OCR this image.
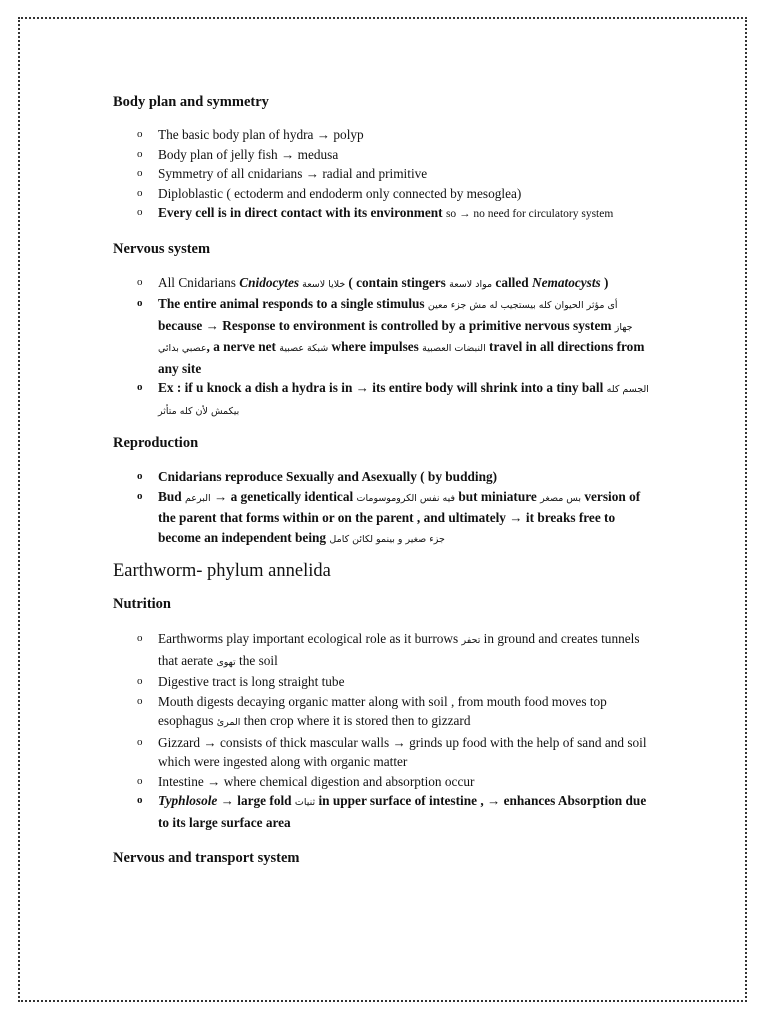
Body plan and symmetry
o The basic body plan of hydra → polyp
o Body plan of jelly fish → medusa
o Symmetry of all cnidarians → radial and primitive
o Diploblastic ( ectoderm and endoderm only connected by mesoglea)
o Every cell is in direct contact with its environment so → no need for circulatory system
Nervous system
o All Cnidarians Cnidocytes خلايا لاسعة ( contain stingers مواد لاسعة called Nematocysts )
o The entire animal responds to a single stimulus أى مؤثر الحيوان كله بيستجيب له مش جزء معين because → Response to environment is controlled by a primitive nervous system جهاز عصبي بدائي, a nerve net شبكة عصبية where impulses النبضات العصبية travel in all directions from any site
o Ex : if u knock a dish a hydra is in → its entire body will shrink into a tiny ball الجسم كله بيكمش لأن كله متأثر
Reproduction
o Cnidarians reproduce Sexually and Asexually ( by budding)
o Bud البرعم → a genetically identical فيه نفس الكروموسومات but miniature بس مصغر version of the parent that forms within or on the parent , and ultimately → it breaks free to become an independent being جزء صغير و بينمو لكائن كامل
Earthworm- phylum annelida
Nutrition
o Earthworms play important ecological role as it burrows تحفر in ground and creates tunnels that aerate تهوى the soil
o Digestive tract is long straight tube
o Mouth digests decaying organic matter along with soil , from mouth food moves top esophagus المرئ then crop where it is stored then to gizzard
o Gizzard → consists of thick mascular walls → grinds up food with the help of sand and soil which were ingested along with organic matter
o Intestine → where chemical digestion and absorption occur
o Typhlosole → large fold ثنيات in upper surface of intestine , → enhances Absorption due to its large surface area
Nervous and transport system
